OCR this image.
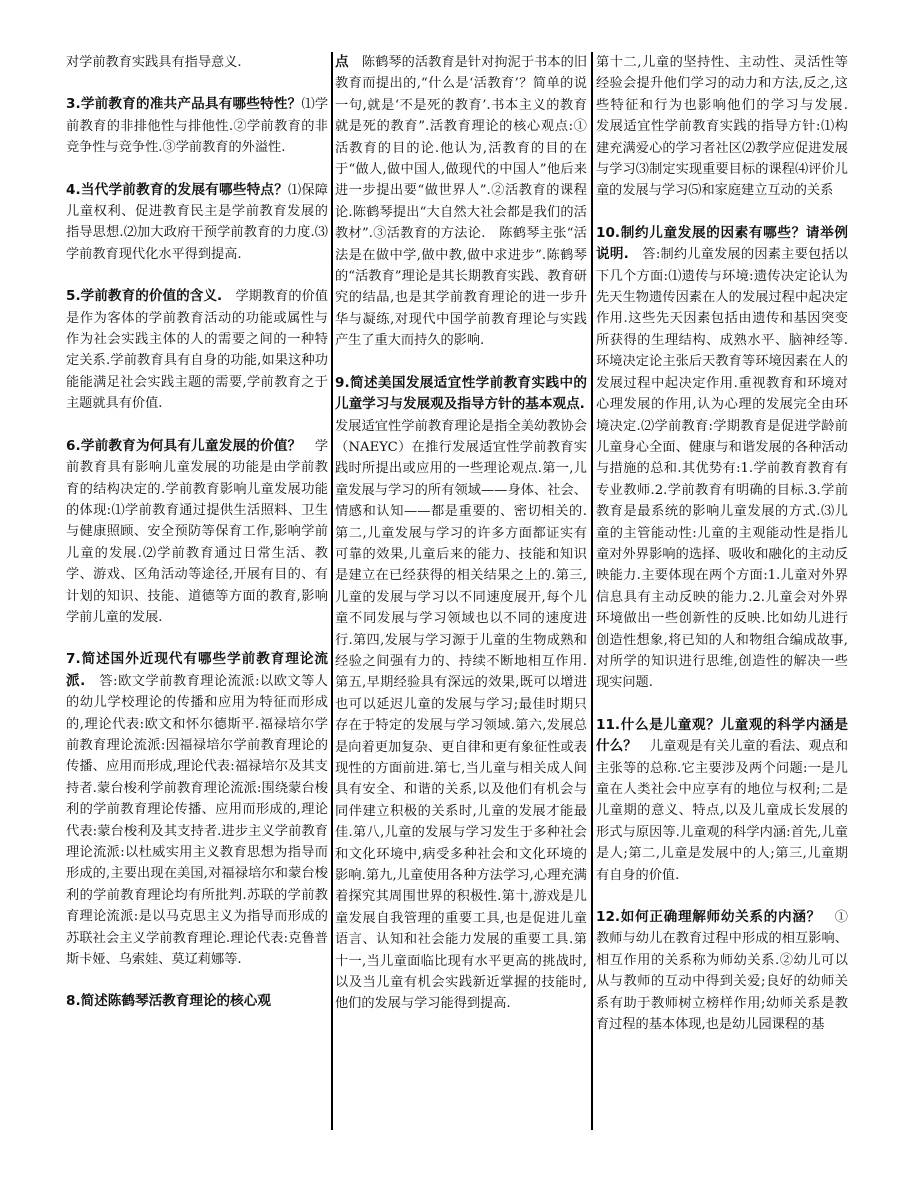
对学前教育实践具有指导意义.

3.学前教育的准共产品具有哪些特性？⑴学前教育的非排他性与排他性.②学前教育的非竞争性与竞争性.③学前教育的外溢性.

4.当代学前教育的发展有哪些特点？⑴保障儿童权利、促进教育民主是学前教育发展的指导思想.⑵加大政府干预学前教育的力度.⑶学前教育现代化水平得到提高.

5.学前教育的价值的含义.　学期教育的价值是作为客体的学前教育活动的功能或属性与作为社会实践主体的人的需要之间的一种特定关系.学前教育具有自身的功能,如果这种功能能满足社会实践主题的需要,学前教育之于主题就具有价值.

6.学前教育为何具有儿童发展的价值？　学前教育具有影响儿童发展的功能是由学前教育的结构决定的.学前教育影响儿童发展功能的体现:⑴学前教育通过提供生活照料、卫生与健康照顾、安全预防等保育工作,影响学前儿童的发展.⑵学前教育通过日常生活、教学、游戏、区角活动等途径,开展有目的、有计划的知识、技能、道德等方面的教育,影响学前儿童的发展.

7.简述国外近现代有哪些学前教育理论流派.　答:欧文学前教育理论流派:以欧文等人的幼儿学校理论的传播和应用为特征而形成的,理论代表:欧文和怀尔德斯平.福禄培尔学前教育理论流派:因福禄培尔学前教育理论的传播、应用而形成,理论代表:福禄培尔及其支持者.蒙台梭利学前教育理论流派:围绕蒙台梭利的学前教育理论传播、应用而形成的,理论代表:蒙台梭利及其支持者.进步主义学前教育理论流派:以杜威实用主义教育思想为指导而形成的,主要出现在美国,对福禄培尔和蒙台梭利的学前教育理论均有所批判.苏联的学前教育理论流派:是以马克思主义为指导而形成的苏联社会主义学前教育理论.理论代表:克鲁普斯卡娅、乌索娃、莫辽莉娜等.

8.简述陈鹤琴活教育理论的核心观

点　陈鹤琴的活教育是针对拘泥于书本的旧教育而提出的,“什么是‘活教育’？简单的说一句,就是‘不是死的教育’.书本主义的教育就是死的教育”.活教育理论的核心观点:①活教育的目的论.他认为,活教育的目的在于“做人,做中国人,做现代的中国人”他后来进一步提出要“做世界人”.②活教育的课程论.陈鹤琴提出“大自然大社会都是我们的活教材”.③活教育的方法论.　陈鹤琴主张“活法是在做中学,做中教,做中求进步”.陈鹤琴的“活教育”理论是其长期教育实践、教育研究的结晶,也是其学前教育理论的进一步升华与凝练,对现代中国学前教育理论与实践产生了重大而持久的影响.

9.简述美国发展适宜性学前教育实践中的儿童学习与发展观及指导方针的基本观点.　发展适宜性学前教育理论是指全美幼教协会（NAEYC）在推行发展适宜性学前教育实践时所提出或应用的一些理论观点.第一,儿童发展与学习的所有领域——身体、社会、情感和认知——都是重要的、密切相关的.第二,儿童发展与学习的许多方面都证实有可靠的效果,儿童后来的能力、技能和知识是建立在已经获得的相关结果之上的.第三,儿童的发展与学习以不同速度展开,每个儿童不同发展与学习领域也以不同的速度进行.第四,发展与学习源于儿童的生物成熟和经验之间强有力的、持续不断地相互作用.第五,早期经验具有深远的效果,既可以增进也可以延迟儿童的发展与学习;最佳时期只存在于特定的发展与学习领域.第六,发展总是向着更加复杂、更自律和更有象征性或表现性的方面前进.第七,当儿童与相关成人间具有安全、和谐的关系,以及他们有机会与同伴建立积极的关系时,儿童的发展才能最佳.第八,儿童的发展与学习发生于多种社会和文化环境中,病受多种社会和文化环境的影响.第九,儿童使用各种方法学习,心理充满着探究其周围世界的积极性.第十,游戏是儿童发展自我管理的重要工具,也是促进儿童语言、认知和社会能力发展的重要工具.第十一,当儿童面临比现有水平更高的挑战时,以及当儿童有机会实践新近掌握的技能时,他们的发展与学习能得到提高.

第十二,儿童的坚持性、主动性、灵活性等经验会提升他们学习的动力和方法,反之,这些特征和行为也影响他们的学习与发展.　发展适宜性学前教育实践的指导方针:⑴构建充满爱心的学习者社区⑵教学应促进发展与学习⑶制定实现重要目标的课程⑷评价儿童的发展与学习⑸和家庭建立互动的关系

10.制约儿童发展的因素有哪些？请举例说明.　答:制约儿童发展的因素主要包括以下几个方面:⑴遗传与环境:遗传决定论认为先天生物遗传因素在人的发展过程中起决定作用.这些先天因素包括由遗传和基因突变所获得的生理结构、成熟水平、脑神经等.环境决定论主张后天教育等环境因素在人的发展过程中起决定作用.重视教育和环境对心理发展的作用,认为心理的发展完全由环境决定.⑵学前教育:学期教育是促进学龄前儿童身心全面、健康与和谐发展的各种活动与措施的总和.其优势有:1.学前教育教育有专业教师.2.学前教育有明确的目标.3.学前教育是最系统的影响儿童发展的方式.⑶儿童的主管能动性:儿童的主观能动性是指儿童对外界影响的选择、吸收和融化的主动反映能力.主要体现在两个方面:1.儿童对外界信息具有主动反映的能力.2.儿童会对外界环境做出一些创新性的反映.比如幼儿进行创造性想象,将已知的人和物组合编成故事,对所学的知识进行思维,创造性的解决一些现实问题.

11.什么是儿童观？儿童观的科学内涵是什么？　儿童观是有关儿童的看法、观点和主张等的总称.它主要涉及两个问题:一是儿童在人类社会中应享有的地位与权利;二是儿童期的意义、特点,以及儿童成长发展的形式与原因等.儿童观的科学内涵:首先,儿童是人;第二,儿童是发展中的人;第三,儿童期有自身的价值.

12.如何正确理解师幼关系的内涵？　①教师与幼儿在教育过程中形成的相互影响、相互作用的关系称为师幼关系.②幼儿可以从与教师的互动中得到关爱;良好的幼师关系有助于教师树立榜样作用;幼师关系是教育过程的基本体现,也是幼儿园课程的基
